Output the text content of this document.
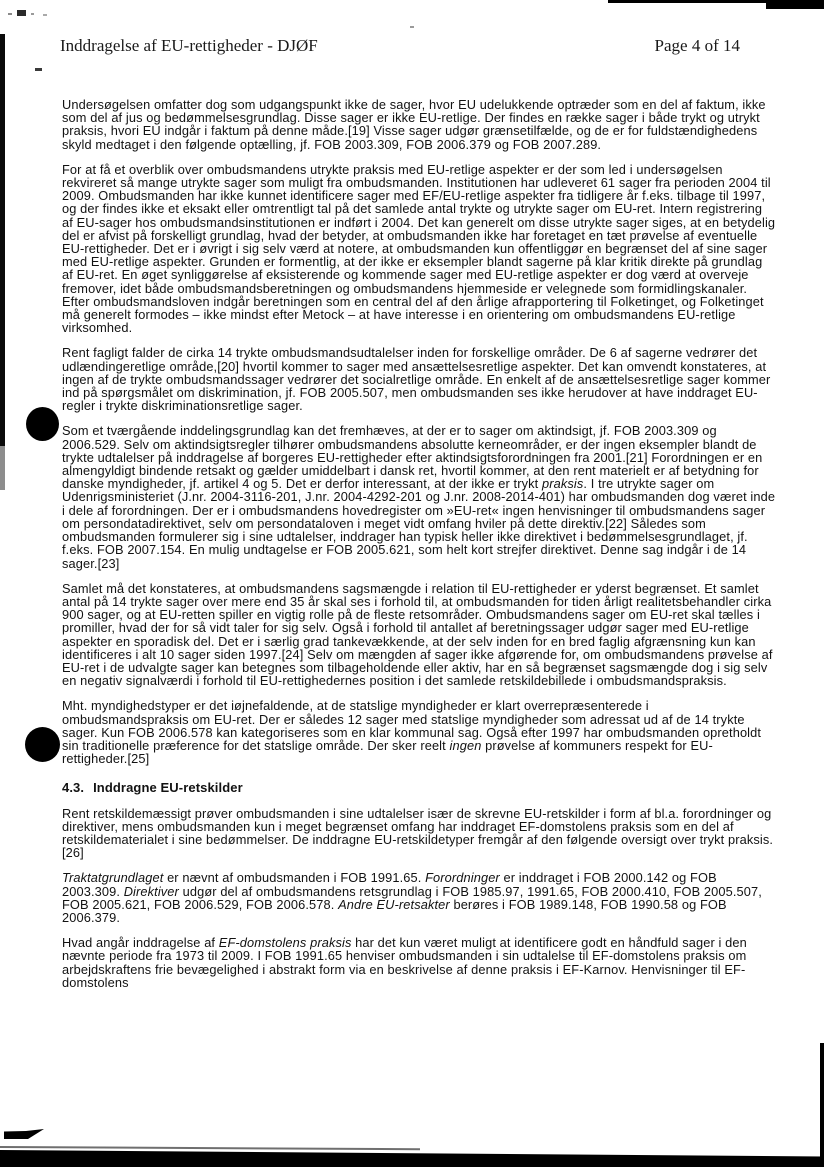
Inddragelse af EU-rettigheder - DJØF	Page 4 of 14

Undersøgelsen omfatter dog som udgangspunkt ikke de sager, hvor EU udelukkende optræder som en del af faktum, ikke som del af jus og bedømmelsesgrundlag. Disse sager er ikke EU-retlige. Der findes en række sager i både trykt og utrykt praksis, hvori EU indgår i faktum på denne måde.[19] Visse sager udgør grænsetilfælde, og de er for fuldstændighedens skyld medtaget i den følgende optælling, jf. FOB 2003.309, FOB 2006.379 og FOB 2007.289.

For at få et overblik over ombudsmandens utrykte praksis med EU-retlige aspekter er der som led i undersøgelsen rekvireret så mange utrykte sager som muligt fra ombudsmanden. Institutionen har udleveret 61 sager fra perioden 2004 til 2009. Ombudsmanden har ikke kunnet identificere sager med EF/EU-retlige aspekter fra tidligere år f.eks. tilbage til 1997, og der findes ikke et eksakt eller omtrentligt tal på det samlede antal trykte og utrykte sager om EU-ret. Intern registrering af EU-sager hos ombudsmandsinstitutionen er indført i 2004. Det kan generelt om disse utrykte sager siges, at en betydelig del er afvist på forskelligt grundlag, hvad der betyder, at ombudsmanden ikke har foretaget en tæt prøvelse af eventuelle EU-rettigheder. Det er i øvrigt i sig selv værd at notere, at ombudsmanden kun offentliggør en begrænset del af sine sager med EU-retlige aspekter. Grunden er formentlig, at der ikke er eksempler blandt sagerne på klar kritik direkte på grundlag af EU-ret. En øget synliggørelse af eksisterende og kommende sager med EU-retlige aspekter er dog værd at overveje fremover, idet både ombudsmandsberetningen og ombudsmandens hjemmeside er velegnede som formidlingskanaler. Efter ombudsmandsloven indgår beretningen som en central del af den årlige afrapportering til Folketinget, og Folketinget må generelt formodes – ikke mindst efter Metock – at have interesse i en orientering om ombudsmandens EU-retlige virksomhed.

Rent fagligt falder de cirka 14 trykte ombudsmandsudtalelser inden for forskellige områder. De 6 af sagerne vedrører det udlændingeretlige område,[20] hvortil kommer to sager med ansættelsesretlige aspekter. Det kan omvendt konstateres, at ingen af de trykte ombudsmandssager vedrører det socialretlige område. En enkelt af de ansættelsesretlige sager kommer ind på spørgsmålet om diskrimination, jf. FOB 2005.507, men ombudsmanden ses ikke herudover at have inddraget EU-regler i trykte diskriminationsretlige sager.

Som et tværgående inddelingsgrundlag kan det fremhæves, at der er to sager om aktindsigt, jf. FOB 2003.309 og 2006.529. Selv om aktindsigtsregler tilhører ombudsmandens absolutte kerneområder, er der ingen eksempler blandt de trykte udtalelser på inddragelse af borgeres EU-rettigheder efter aktindsigtsforordningen fra 2001.[21] Forordningen er en almengyldigt bindende retsakt og gælder umiddelbart i dansk ret, hvortil kommer, at den rent materielt er af betydning for danske myndigheder, jf. artikel 4 og 5. Det er derfor interessant, at der ikke er trykt praksis. I tre utrykte sager om Udenrigsministeriet (J.nr. 2004-3116-201, J.nr. 2004-4292-201 og J.nr. 2008-2014-401) har ombudsmanden dog været inde i dele af forordningen. Der er i ombudsmandens hovedregister om »EU-ret« ingen henvisninger til ombudsmandens sager om persondatadirektivet, selv om persondataloven i meget vidt omfang hviler på dette direktiv.[22] Således som ombudsmanden formulerer sig i sine udtalelser, inddrager han typisk heller ikke direktivet i bedømmelsesgrundlaget, jf. f.eks. FOB 2007.154. En mulig undtagelse er FOB 2005.621, som helt kort strejfer direktivet. Denne sag indgår i de 14 sager.[23]

Samlet må det konstateres, at ombudsmandens sagsmængde i relation til EU-rettigheder er yderst begrænset. Et samlet antal på 14 trykte sager over mere end 35 år skal ses i forhold til, at ombudsmanden for tiden årligt realitetsbehandler cirka 900 sager, og at EU-retten spiller en vigtig rolle på de fleste retsområder. Ombudsmandens sager om EU-ret skal tælles i promiller, hvad der for så vidt taler for sig selv. Også i forhold til antallet af beretningssager udgør sager med EU-retlige aspekter en sporadisk del. Det er i særlig grad tankevækkende, at der selv inden for en bred faglig afgrænsning kun kan identificeres i alt 10 sager siden 1997.[24] Selv om mængden af sager ikke afgørende for, om ombudsmandens prøvelse af EU-ret i de udvalgte sager kan betegnes som tilbageholdende eller aktiv, har en så begrænset sagsmængde dog i sig selv en negativ signalværdi i forhold til EU-rettighedernes position i det samlede retskildebillede i ombudsmandspraksis.

Mht. myndighedstyper er det iøjnefaldende, at de statslige myndigheder er klart overrepræsenterede i ombudsmandspraksis om EU-ret. Der er således 12 sager med statslige myndigheder som adressat ud af de 14 trykte sager. Kun FOB 2006.578 kan kategoriseres som en klar kommunal sag. Også efter 1997 har ombudsmanden opretholdt sin traditionelle præference for det statslige område. Der sker reelt ingen prøvelse af kommuners respekt for EU-rettigheder.[25]

4.3. Inddragne EU-retskilder

Rent retskildemæssigt prøver ombudsmanden i sine udtalelser især de skrevne EU-retskilder i form af bl.a. forordninger og direktiver, mens ombudsmanden kun i meget begrænset omfang har inddraget EF-domstolens praksis som en del af retskildematerialet i sine bedømmelser. De inddragne EU-retskildetyper fremgår af den følgende oversigt over trykt praksis.[26]

Traktatgrundlaget er nævnt af ombudsmanden i FOB 1991.65. Forordninger er inddraget i FOB 2000.142 og FOB 2003.309. Direktiver udgør del af ombudsmandens retsgrundlag i FOB 1985.97, 1991.65, FOB 2000.410, FOB 2005.507, FOB 2005.621, FOB 2006.529, FOB 2006.578. Andre EU-retsakter berøres i FOB 1989.148, FOB 1990.58 og FOB 2006.379.

Hvad angår inddragelse af EF-domstolens praksis har det kun været muligt at identificere godt en håndfuld sager i den nævnte periode fra 1973 til 2009. I FOB 1991.65 henviser ombudsmanden i sin udtalelse til EF-domstolens praksis om arbejdskraftens frie bevægelighed i abstrakt form via en beskrivelse af denne praksis i EF-Karnov. Henvisninger til EF-domstolens
